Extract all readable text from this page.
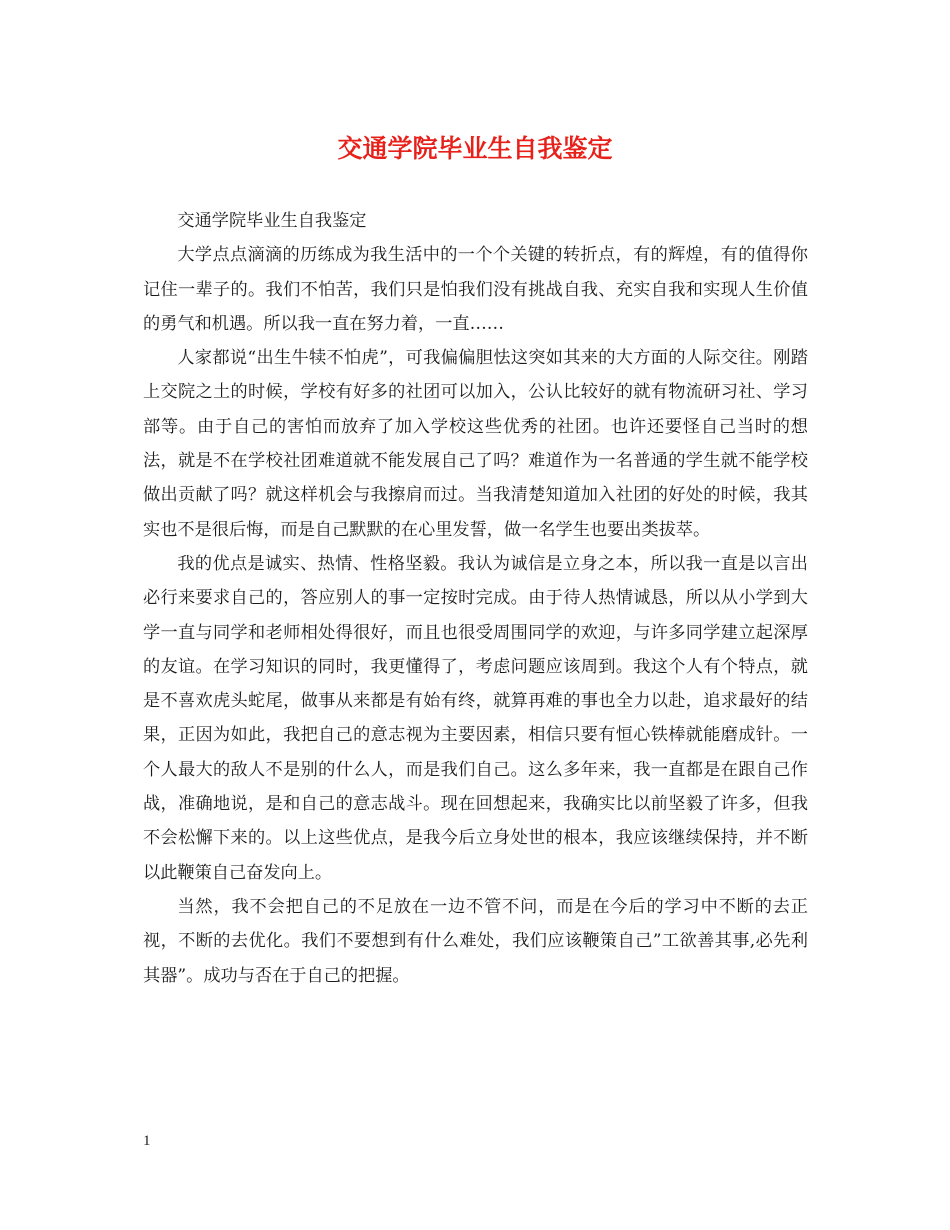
交通学院毕业生自我鉴定

交通学院毕业生自我鉴定

大学点点滴滴的历练成为我生活中的一个个关键的转折点，有的辉煌，有的值得你记住一辈子的。我们不怕苦，我们只是怕我们没有挑战自我、充实自我和实现人生价值的勇气和机遇。所以我一直在努力着，一直……

人家都说“出生牛犊不怕虎”，可我偏偏胆怯这突如其来的大方面的人际交往。刚踏上交院之土的时候，学校有好多的社团可以加入，公认比较好的就有物流研习社、学习部等。由于自己的害怕而放弃了加入学校这些优秀的社团。也许还要怪自己当时的想法，就是不在学校社团难道就不能发展自己了吗？难道作为一名普通的学生就不能学校做出贡献了吗？就这样机会与我擦肩而过。当我清楚知道加入社团的好处的时候，我其实也不是很后悔，而是自己默默的在心里发誓，做一名学生也要出类拔萃。

我的优点是诚实、热情、性格坚毅。我认为诚信是立身之本，所以我一直是以言出必行来要求自己的，答应别人的事一定按时完成。由于待人热情诚恳，所以从小学到大学一直与同学和老师相处得很好，而且也很受周围同学的欢迎，与许多同学建立起深厚的友谊。在学习知识的同时，我更懂得了，考虑问题应该周到。我这个人有个特点，就是不喜欢虎头蛇尾，做事从来都是有始有终，就算再难的事也全力以赴，追求最好的结果，正因为如此，我把自己的意志视为主要因素，相信只要有恒心铁棒就能磨成针。一个人最大的敌人不是别的什么人，而是我们自己。这么多年来，我一直都是在跟自己作战，准确地说，是和自己的意志战斗。现在回想起来，我确实比以前坚毅了许多，但我不会松懈下来的。以上这些优点，是我今后立身处世的根本，我应该继续保持，并不断以此鞭策自己奋发向上。

当然，我不会把自己的不足放在一边不管不问，而是在今后的学习中不断的去正视，不断的去优化。我们不要想到有什么难处，我们应该鞭策自己”工欲善其事,必先利其器”。成功与否在于自己的把握。

1
